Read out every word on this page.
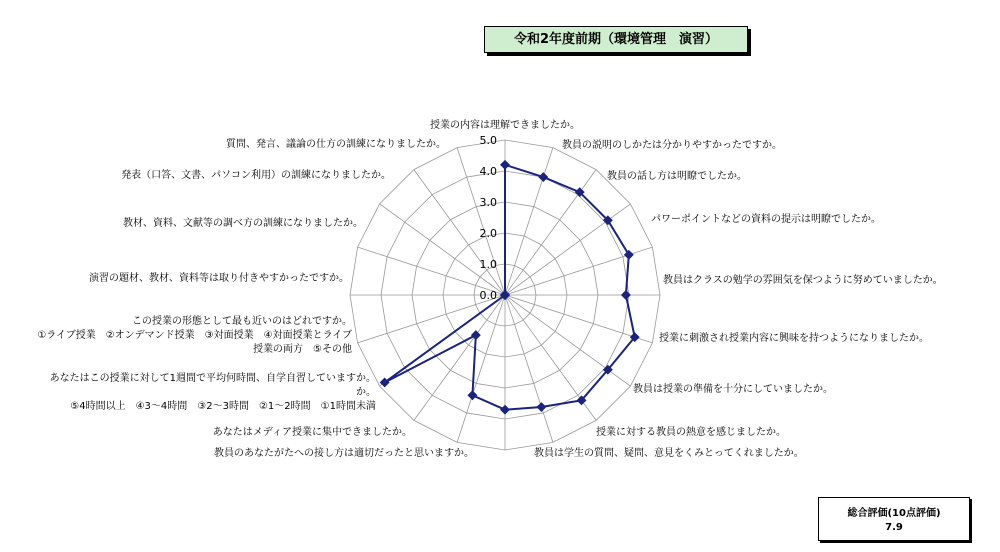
令和2年度前期（環境管理　演習）
0.0
1.0
2.0
3.0
4.0
5.0
授業の内容は理解できましたか。
教員の説明のしかたは分かりやすかったですか。
教員の話し方は明瞭でしたか。
パワーポイントなどの資料の提示は明瞭でしたか。
教員はクラスの勉学の雰囲気を保つように努めていましたか。
授業に刺激され授業内容に興味を持つようになりましたか。
教員は授業の準備を十分にしていましたか。
授業に対する教員の熱意を感じましたか。
教員は学生の質問、疑問、意見をくみとってくれましたか。
教員のあなたがたへの接し方は適切だったと思いますか。
あなたはメディア授業に集中できましたか。
あなたはこの授業に対して1週間で平均何時間、自学自習していますか。
か。
⑤4時間以上　④3～4時間　③2～3時間　②1～2時間　①1時間未満
この授業の形態として最も近いのはどれですか。
①ライブ授業　②オンデマンド授業　③対面授業　④対面授業とライブ
授業の両方　⑤その他
演習の題材、教材、資料等は取り付きやすかったですか。
教材、資料、文献等の調べ方の訓練になりましたか。
発表（口答、文書、パソコン利用）の訓練になりましたか。
質問、発言、議論の仕方の訓練になりましたか。
総合評価(10点評価)
7.9
